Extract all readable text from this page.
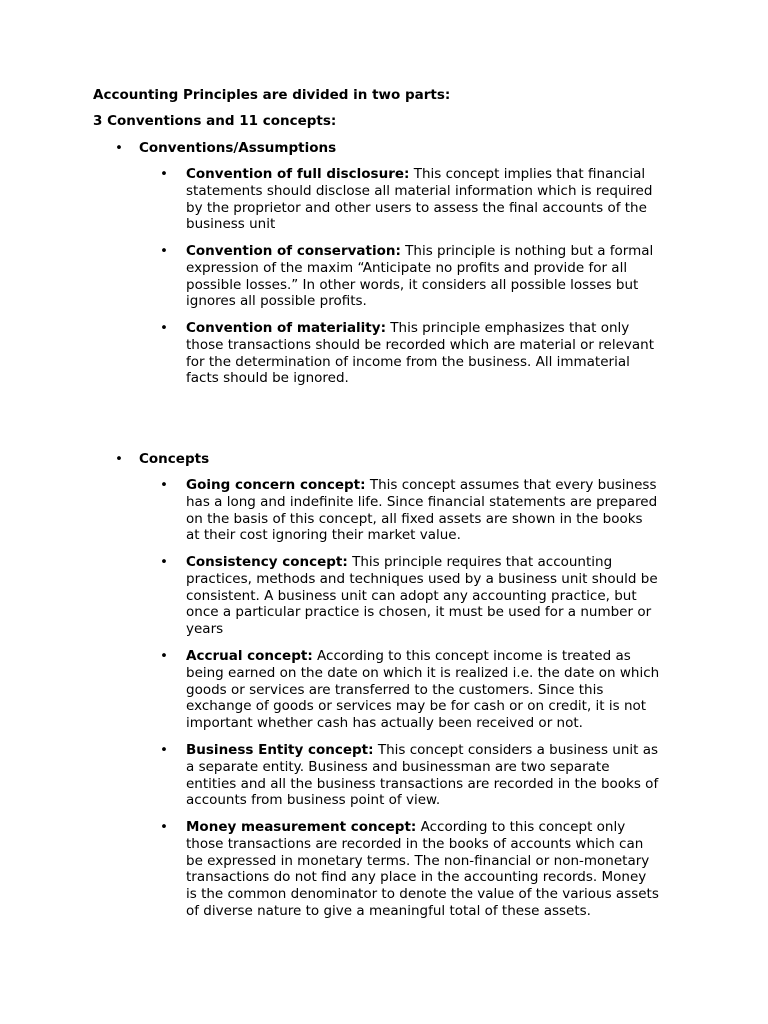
Accounting Principles are divided in two parts:

3 Conventions and 11 concepts:

• Conventions/Assumptions
• Convention of full disclosure: This concept implies that financial statements should disclose all material information which is required by the proprietor and other users to assess the final accounts of the business unit
• Convention of conservation: This principle is nothing but a formal expression of the maxim “Anticipate no profits and provide for all possible losses.” In other words, it considers all possible losses but ignores all possible profits.
• Convention of materiality: This principle emphasizes that only those transactions should be recorded which are material or relevant for the determination of income from the business. All immaterial facts should be ignored.
• Concepts
• Going concern concept: This concept assumes that every business has a long and indefinite life. Since financial statements are prepared on the basis of this concept, all fixed assets are shown in the books at their cost ignoring their market value.
• Consistency concept: This principle requires that accounting practices, methods and techniques used by a business unit should be consistent. A business unit can adopt any accounting practice, but once a particular practice is chosen, it must be used for a number or years
• Accrual concept: According to this concept income is treated as being earned on the date on which it is realized i.e. the date on which goods or services are transferred to the customers. Since this exchange of goods or services may be for cash or on credit, it is not important whether cash has actually been received or not.
• Business Entity concept: This concept considers a business unit as a separate entity. Business and businessman are two separate entities and all the business transactions are recorded in the books of accounts from business point of view.
• Money measurement concept: According to this concept only those transactions are recorded in the books of accounts which can be expressed in monetary terms. The non-financial or non-monetary transactions do not find any place in the accounting records. Money is the common denominator to denote the value of the various assets of diverse nature to give a meaningful total of these assets.
